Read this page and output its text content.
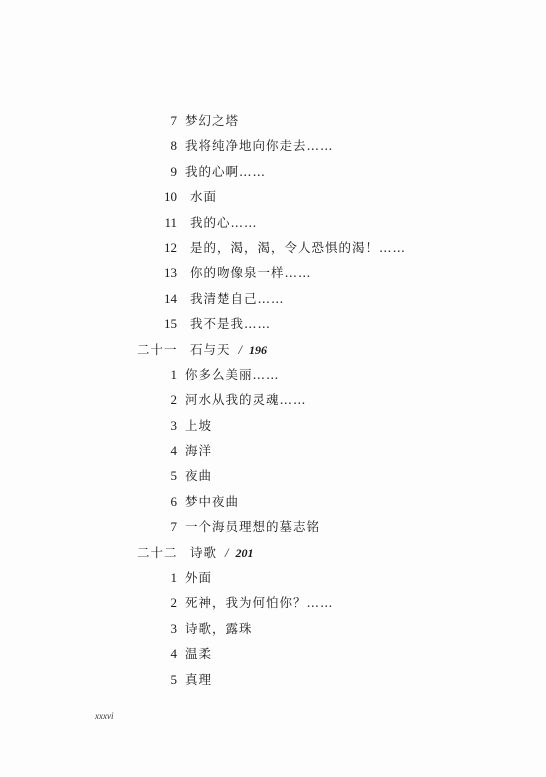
7 梦幻之塔
8 我将纯净地向你走去……
9 我的心啊……
10 水面
11 我的心……
12 是的，渴，渴，令人恐惧的渴！……
13 你的吻像泉一样……
14 我清楚自己……
15 我不是我……
二十一 石与天 / 196
1 你多么美丽……
2 河水从我的灵魂……
3 上坡
4 海洋
5 夜曲
6 梦中夜曲
7 一个海员理想的墓志铭
二十二 诗歌 / 201
1 外面
2 死神，我为何怕你？……
3 诗歌，露珠
4 温柔
5 真理
xxxvi
